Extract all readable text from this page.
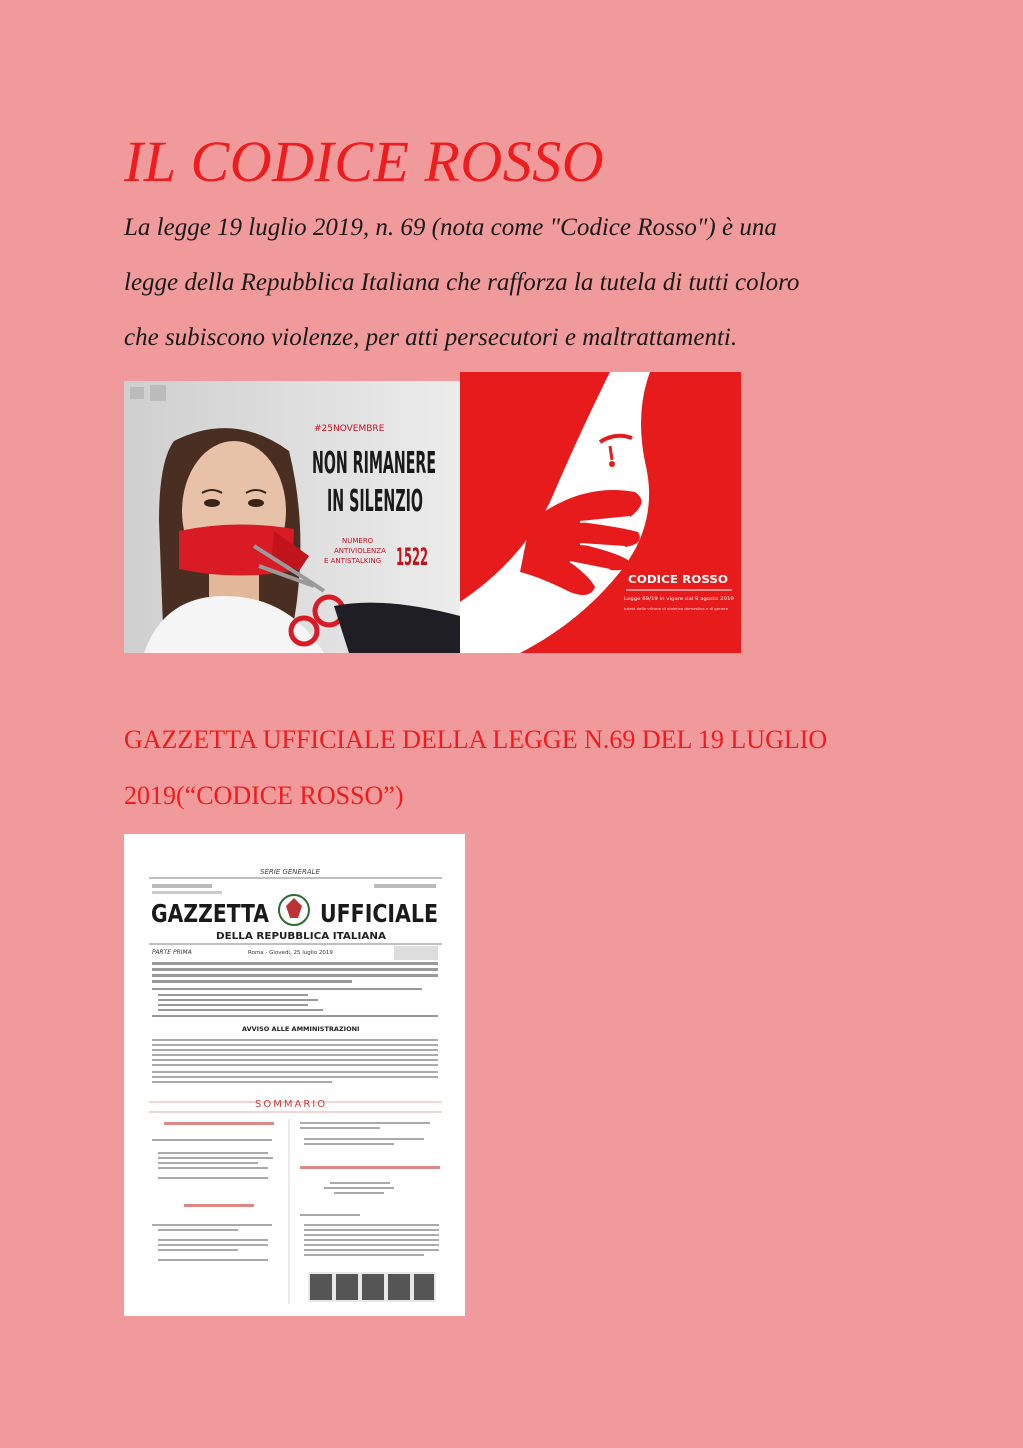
IL CODICE ROSSO
La legge 19 luglio 2019, n. 69 (nota come "Codice Rosso") è una
legge della Repubblica Italiana che rafforza la tutela di tutti coloro
che subiscono violenze, per atti persecutori e maltrattamenti.
#25NOVEMBRE
NON RIMANERE
IN SILENZIO
NUMERO
ANTIVIOLENZA
E ANTISTALKING 1522
CODICE ROSSO
Legge 69/19 in vigore dal 9 agosto 2019
tutela delle vittime di violenza domestica e di genere
GAZZETTA UFFICIALE DELLA LEGGE N.69 DEL 19 LUGLIO
2019(“CODICE ROSSO”)
SERIE GENERALE
GAZZETTA UFFICIALE
DELLA REPUBBLICA ITALIANA
PARTE PRIMA	Roma - Giovedì, 25 luglio 2019
AVVISO ALLE AMMINISTRAZIONI
SOMMARIO
